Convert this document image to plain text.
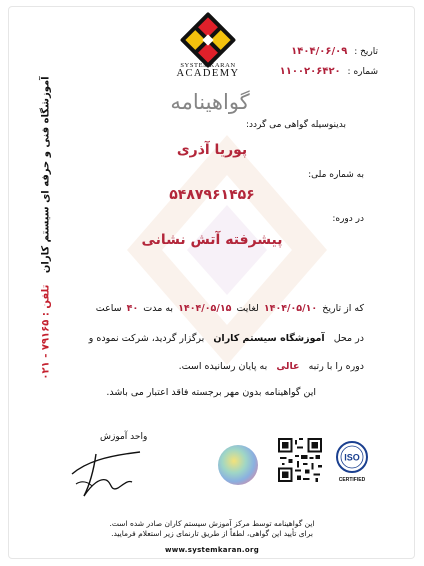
SYSTEMKARAN
ACADEMY
تاریخ : ۱۴۰۴/۰۶/۰۹
شماره : ۱۱۰۰۲۰۶۴۲۰
گواهینامه
آموزشگاه فنی و حرفه ای سیستم کاران تلفن : ۷۹۱۶۵ - ۰۲۱
بدینوسیله گواهی می گردد:
پوریا آذری
به شماره ملی:
۵۴۸۷۹۶۱۴۵۶
در دوره:
پیشرفته آتش نشانی
که از تاریخ ۱۴۰۴/۰۵/۱۰ لغایت ۱۴۰۴/۰۵/۱۵ به مدت ۴۰ ساعت
در محل آموزشگاه سیستم کاران برگزار گردید، شرکت نموده و
دوره را با رتبه عالی به پایان رسانیده است.
این گواهینامه بدون مهر برجسته فاقد اعتبار می باشد.
واحد آموزش
ISO
CERTIFIED
این گواهینامه توسط مرکز آموزش سیستم کاران صادر شده است.
برای تأیید این گواهی، لطفاً از طریق تارنمای زیر استعلام فرمایید.
www.systemkaran.org
